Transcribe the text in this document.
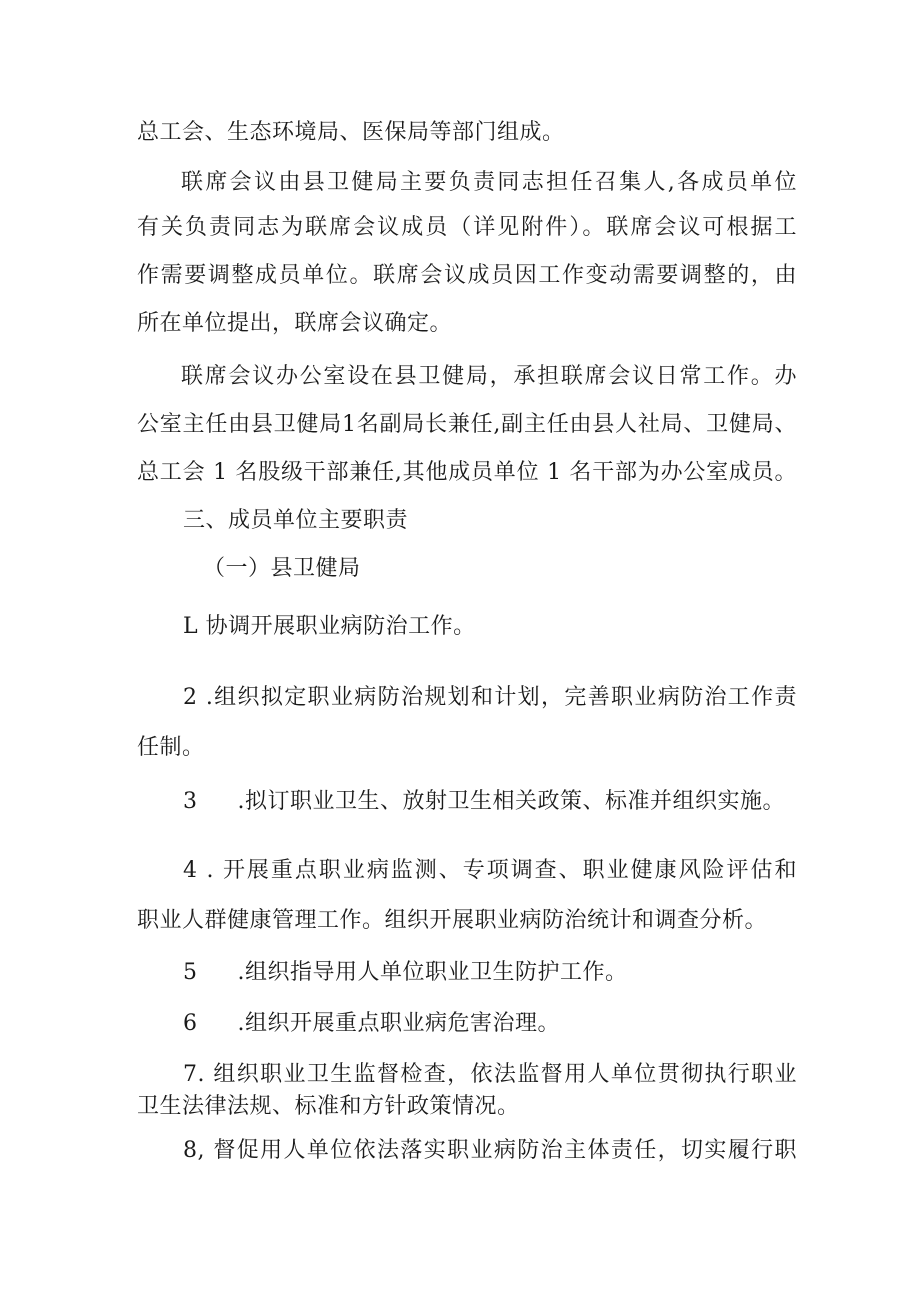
总工会、生态环境局、医保局等部门组成。
联席会议由县卫健局主要负责同志担任召集人,各成员单位
有关负责同志为联席会议成员（详见附件）。联席会议可根据工
作需要调整成员单位。联席会议成员因工作变动需要调整的，由
所在单位提出，联席会议确定。
联席会议办公室设在县卫健局，承担联席会议日常工作。办
公室主任由县卫健局1名副局长兼任,副主任由县人社局、卫健局、
总工会 1 名股级干部兼任,其他成员单位 1 名干部为办公室成员。
三、成员单位主要职责
（一）县卫健局
L 协调开展职业病防治工作。
2 .组织拟定职业病防治规划和计划，完善职业病防治工作责
任制。
3 .拟订职业卫生、放射卫生相关政策、标准并组织实施。
4 . 开展重点职业病监测、专项调查、职业健康风险评估和
职业人群健康管理工作。组织开展职业病防治统计和调查分析。
5 .组织指导用人单位职业卫生防护工作。
6 .组织开展重点职业病危害治理。
7. 组织职业卫生监督检查，依法监督用人单位贯彻执行职业
卫生法律法规、标准和方针政策情况。
8, 督促用人单位依法落实职业病防治主体责任，切实履行职
